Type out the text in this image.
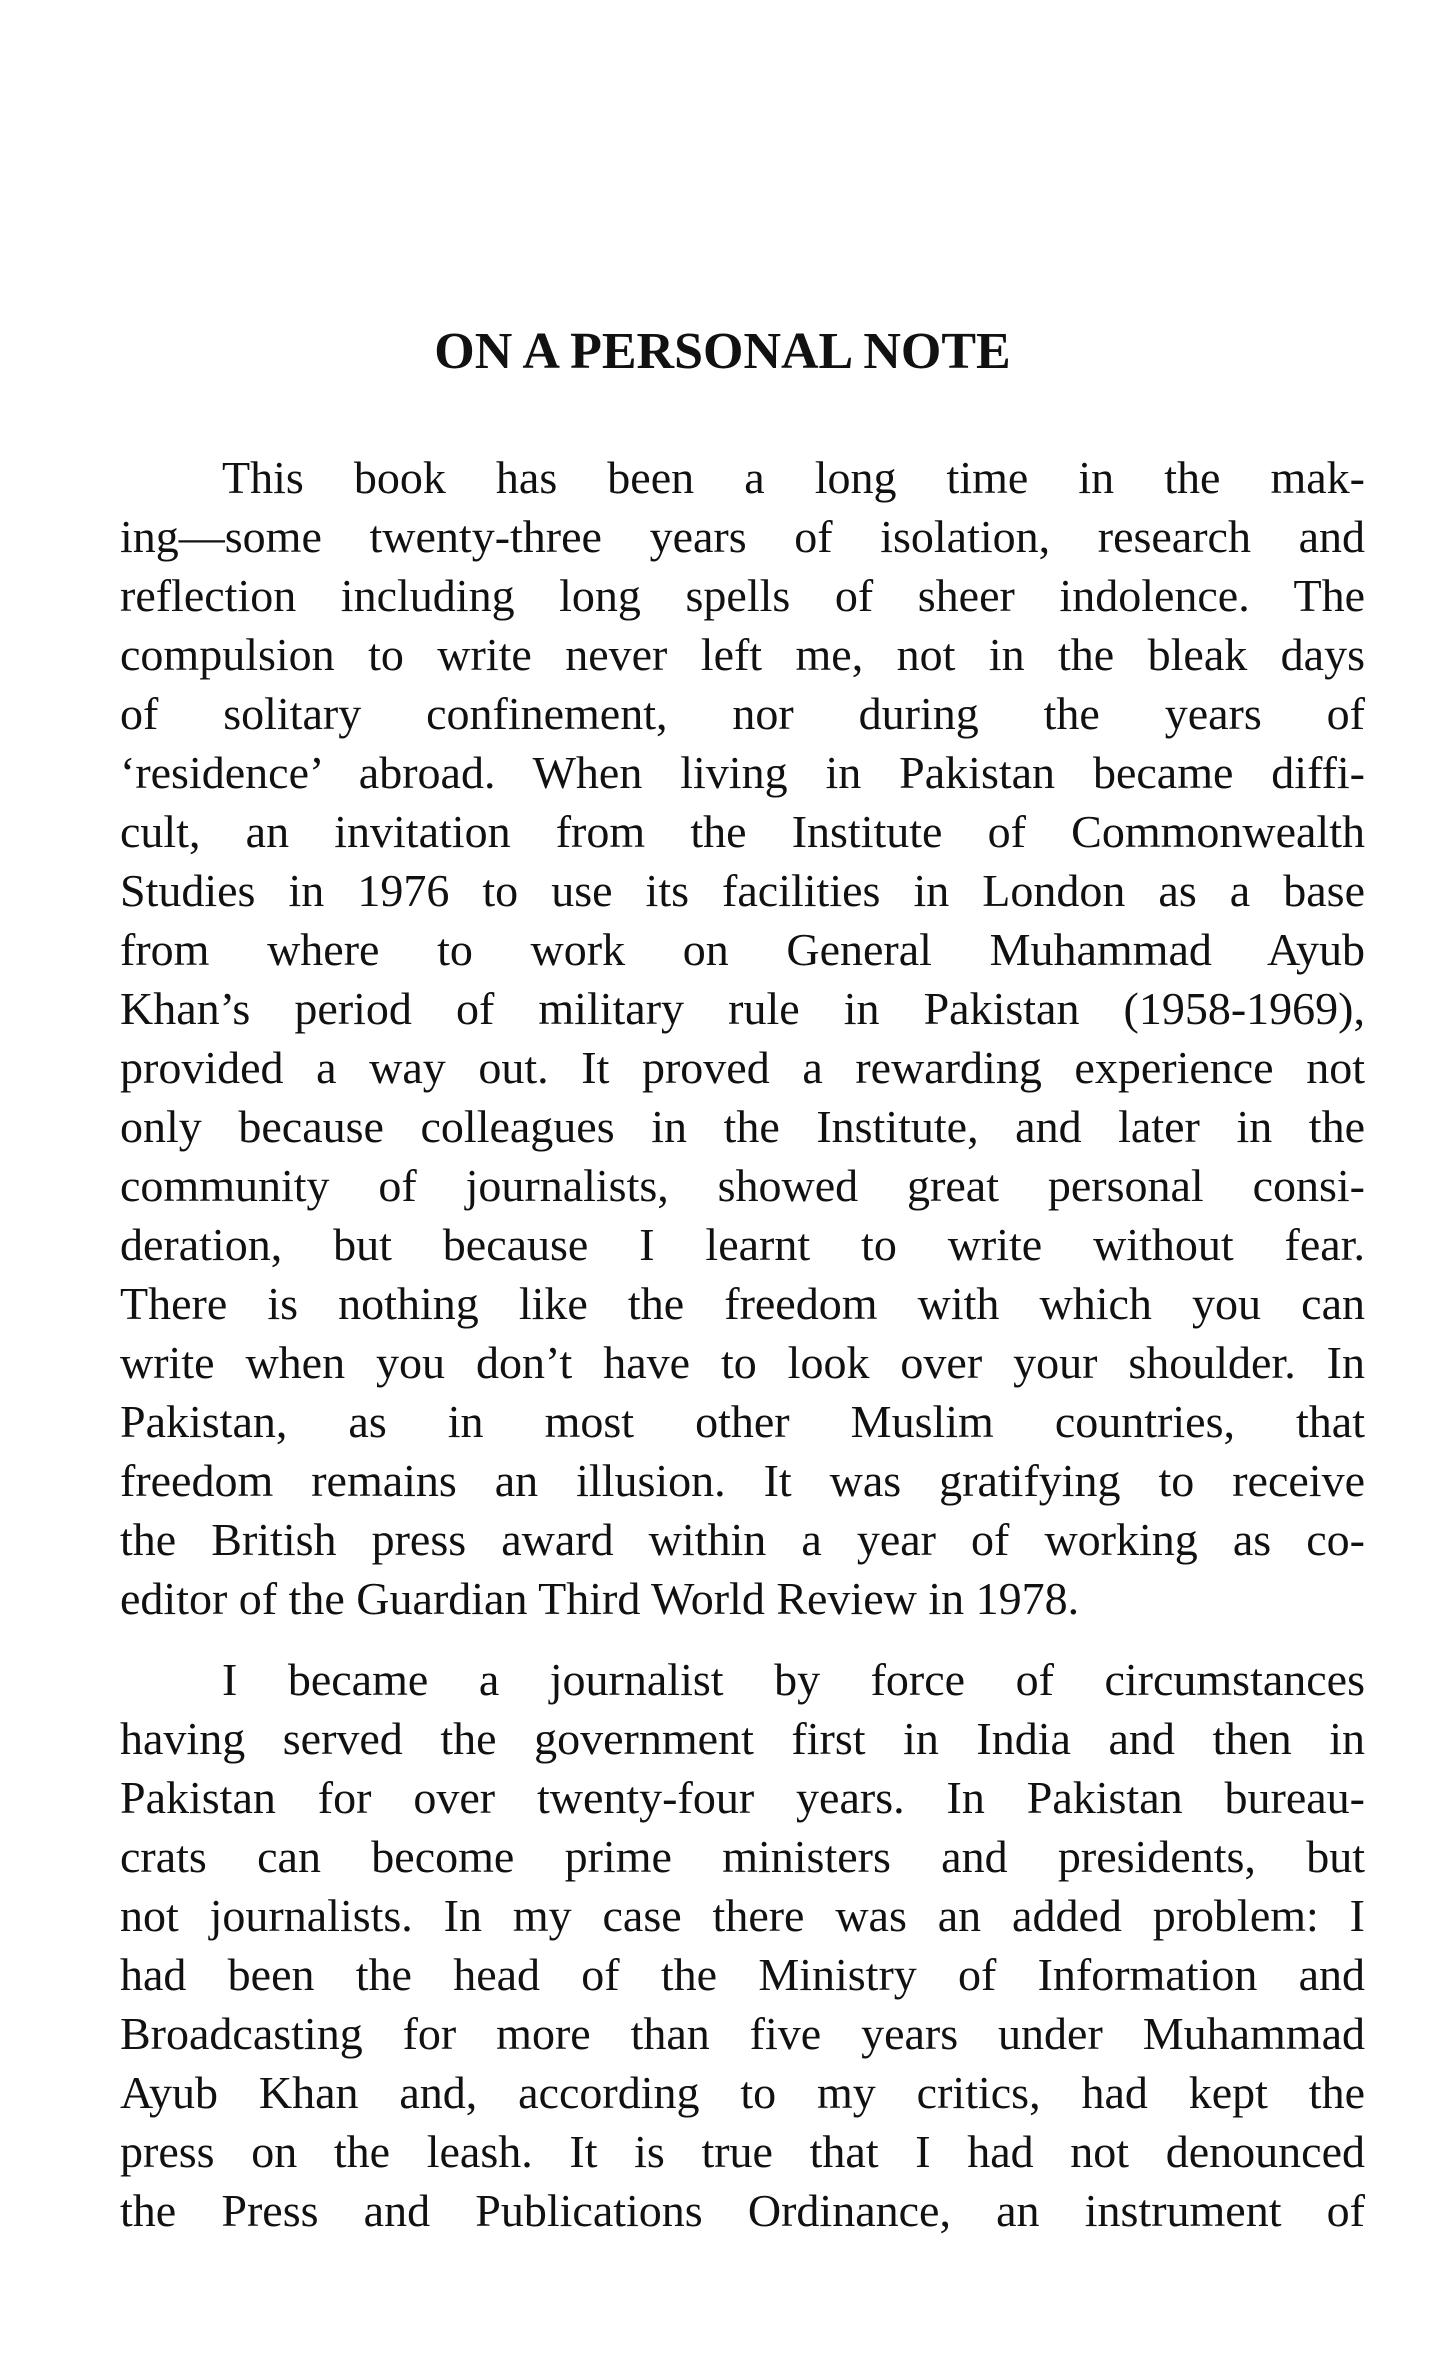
ON A PERSONAL NOTE

This book has been a long time in the mak-
ing—some twenty-three years of isolation, research and
reflection including long spells of sheer indolence. The
compulsion to write never left me, not in the bleak days
of solitary confinement, nor during the years of
‘residence’ abroad. When living in Pakistan became diffi-
cult, an invitation from the Institute of Commonwealth
Studies in 1976 to use its facilities in London as a base
from where to work on General Muhammad Ayub
Khan’s period of military rule in Pakistan (1958-1969),
provided a way out. It proved a rewarding experience not
only because colleagues in the Institute, and later in the
community of journalists, showed great personal consi-
deration, but because I learnt to write without fear.
There is nothing like the freedom with which you can
write when you don’t have to look over your shoulder. In
Pakistan, as in most other Muslim countries, that
freedom remains an illusion. It was gratifying to receive
the British press award within a year of working as co-
editor of the Guardian Third World Review in 1978.

I became a journalist by force of circumstances
having served the government first in India and then in
Pakistan for over twenty-four years. In Pakistan bureau-
crats can become prime ministers and presidents, but
not journalists. In my case there was an added problem: I
had been the head of the Ministry of Information and
Broadcasting for more than five years under Muhammad
Ayub Khan and, according to my critics, had kept the
press on the leash. It is true that I had not denounced
the Press and Publications Ordinance, an instrument of
